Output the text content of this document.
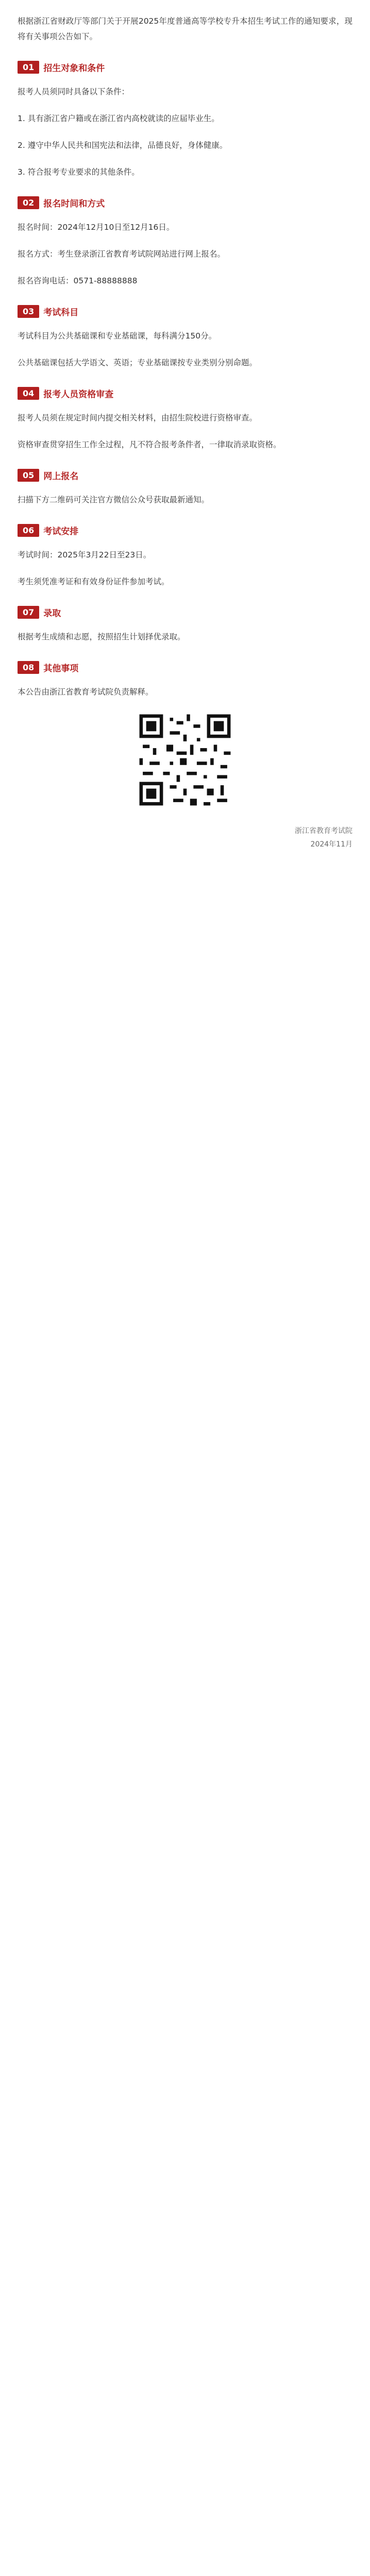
根据浙江省财政厅等部门关于开展2025年度普通高等学校专升本招生考试工作的通知要求，现将有关事项公告如下。

01	招生对象和条件

报考人员须同时具备以下条件：

1. 具有浙江省户籍或在浙江省内高校就读的应届毕业生。

2. 遵守中华人民共和国宪法和法律，品德良好，身体健康。

3. 符合报考专业要求的其他条件。

02	报名时间和方式

报名时间：2024年12月10日至12月16日。

报名方式：考生登录浙江省教育考试院网站进行网上报名。

报名咨询电话：0571-88888888

03	考试科目

考试科目为公共基础课和专业基础课，每科满分150分。

公共基础课包括大学语文、英语；专业基础课按专业类别分别命题。

04	报考人员资格审查

报考人员须在规定时间内提交相关材料，由招生院校进行资格审查。

资格审查贯穿招生工作全过程，凡不符合报考条件者，一律取消录取资格。

05	网上报名

扫描下方二维码可关注官方微信公众号获取最新通知。

06	考试安排

考试时间：2025年3月22日至23日。

考生须凭准考证和有效身份证件参加考试。

07	录取

根据考生成绩和志愿，按照招生计划择优录取。

08	其他事项

本公告由浙江省教育考试院负责解释。

浙江省教育考试院
2024年11月
